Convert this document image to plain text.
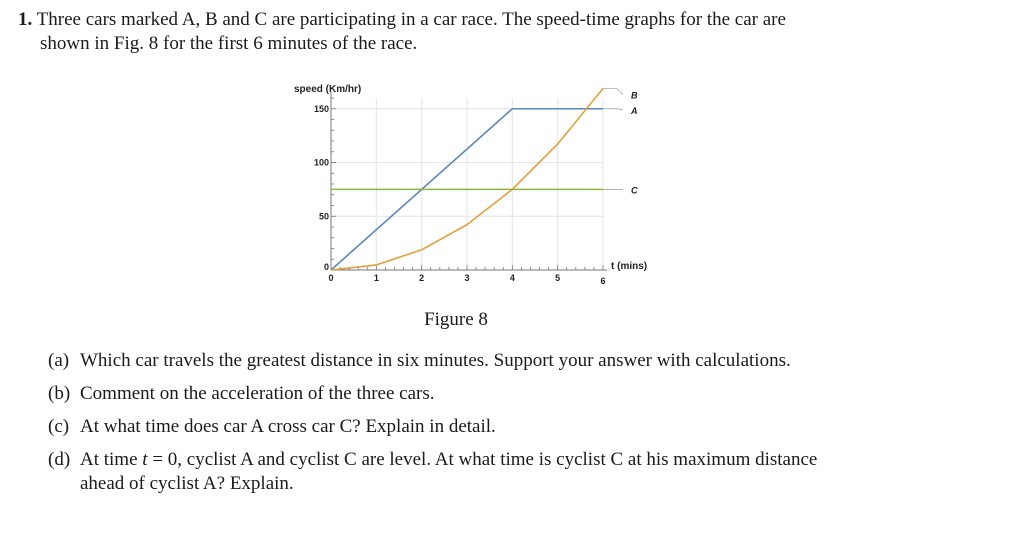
1. Three cars marked A, B and C are participating in a car race. The speed-time graphs for the car are
shown in Fig. 8 for the first 6 minutes of the race.
0	1	2	3	4	5	6
0
50
100
150	A
B
C
speed (Km/hr)
t (mins)
Figure 8
(a) Which car travels the greatest distance in six minutes. Support your answer with calculations.
(b) Comment on the acceleration of the three cars.
(c) At what time does car A cross car C? Explain in detail.
(d) At time t = 0, cyclist A and cyclist C are level. At what time is cyclist C at his maximum distance
ahead of cyclist A? Explain.
